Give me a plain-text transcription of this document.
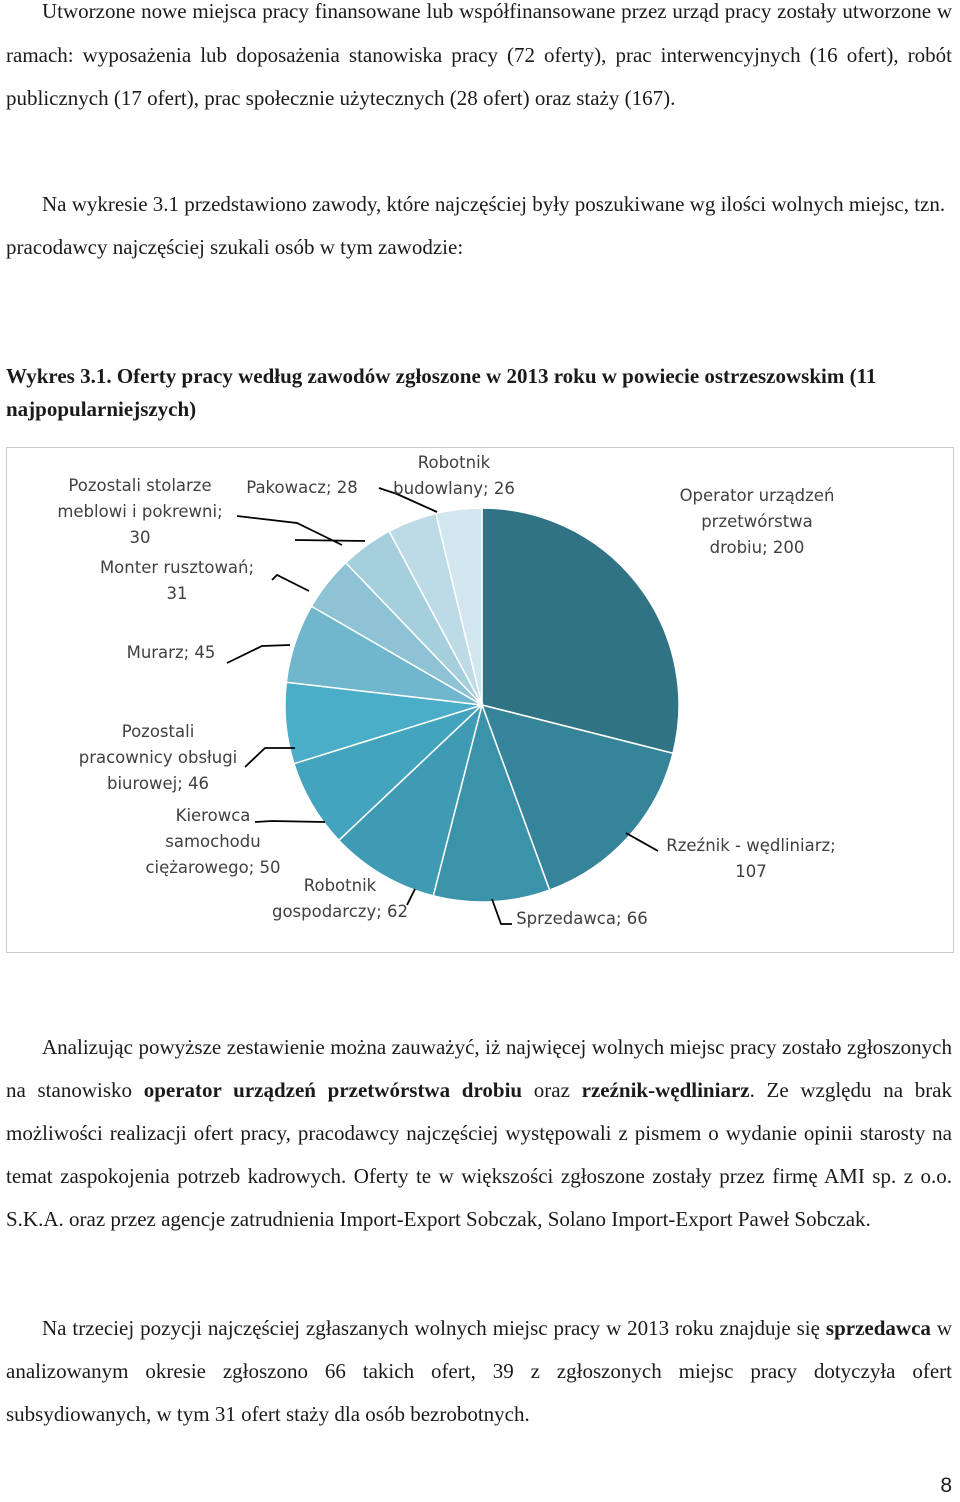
Utworzone nowe miejsca pracy finansowane lub współfinansowane przez urząd pracy zostały utworzone w ramach: wyposażenia lub doposażenia stanowiska pracy (72 oferty), prac interwencyjnych (16 ofert), robót publicznych (17 ofert), prac społecznie użytecznych (28 ofert) oraz staży (167).

Na wykresie 3.1 przedstawiono zawody, które najczęściej były poszukiwane wg ilości wolnych miejsc, tzn. pracodawcy najczęściej szukali osób w tym zawodzie:

Wykres 3.1. Oferty pracy według zawodów zgłoszone w 2013 roku w powiecie ostrzeszowskim (11 najpopularniejszych)

Operator urządzeń przetwórstwa drobiu; 200
Rzeźnik - wędliniarz; 107
Sprzedawca; 66
Robotnik gospodarczy; 62
Kierowca samochodu ciężarowego; 50
Pozostali pracownicy obsługi biurowej; 46
Murarz; 45
Monter rusztowań; 31
Pozostali stolarze meblowi i pokrewni; 30
Pakowacz; 28
Robotnik budowlany; 26

Analizując powyższe zestawienie można zauważyć, iż najwięcej wolnych miejsc pracy zostało zgłoszonych na stanowisko operator urządzeń przetwórstwa drobiu oraz rzeźnik-wędliniarz. Ze względu na brak możliwości realizacji ofert pracy, pracodawcy najczęściej występowali z pismem o wydanie opinii starosty na temat zaspokojenia potrzeb kadrowych. Oferty te w większości zgłoszone zostały przez firmę AMI sp. z o.o. S.K.A. oraz przez agencje zatrudnienia Import-Export Sobczak, Solano Import-Export Paweł Sobczak.

Na trzeciej pozycji najczęściej zgłaszanych wolnych miejsc pracy w 2013 roku znajduje się sprzedawca w analizowanym okresie zgłoszono 66 takich ofert, 39 z zgłoszonych miejsc pracy dotyczyła ofert subsydiowanych, w tym 31 ofert staży dla osób bezrobotnych.

8
